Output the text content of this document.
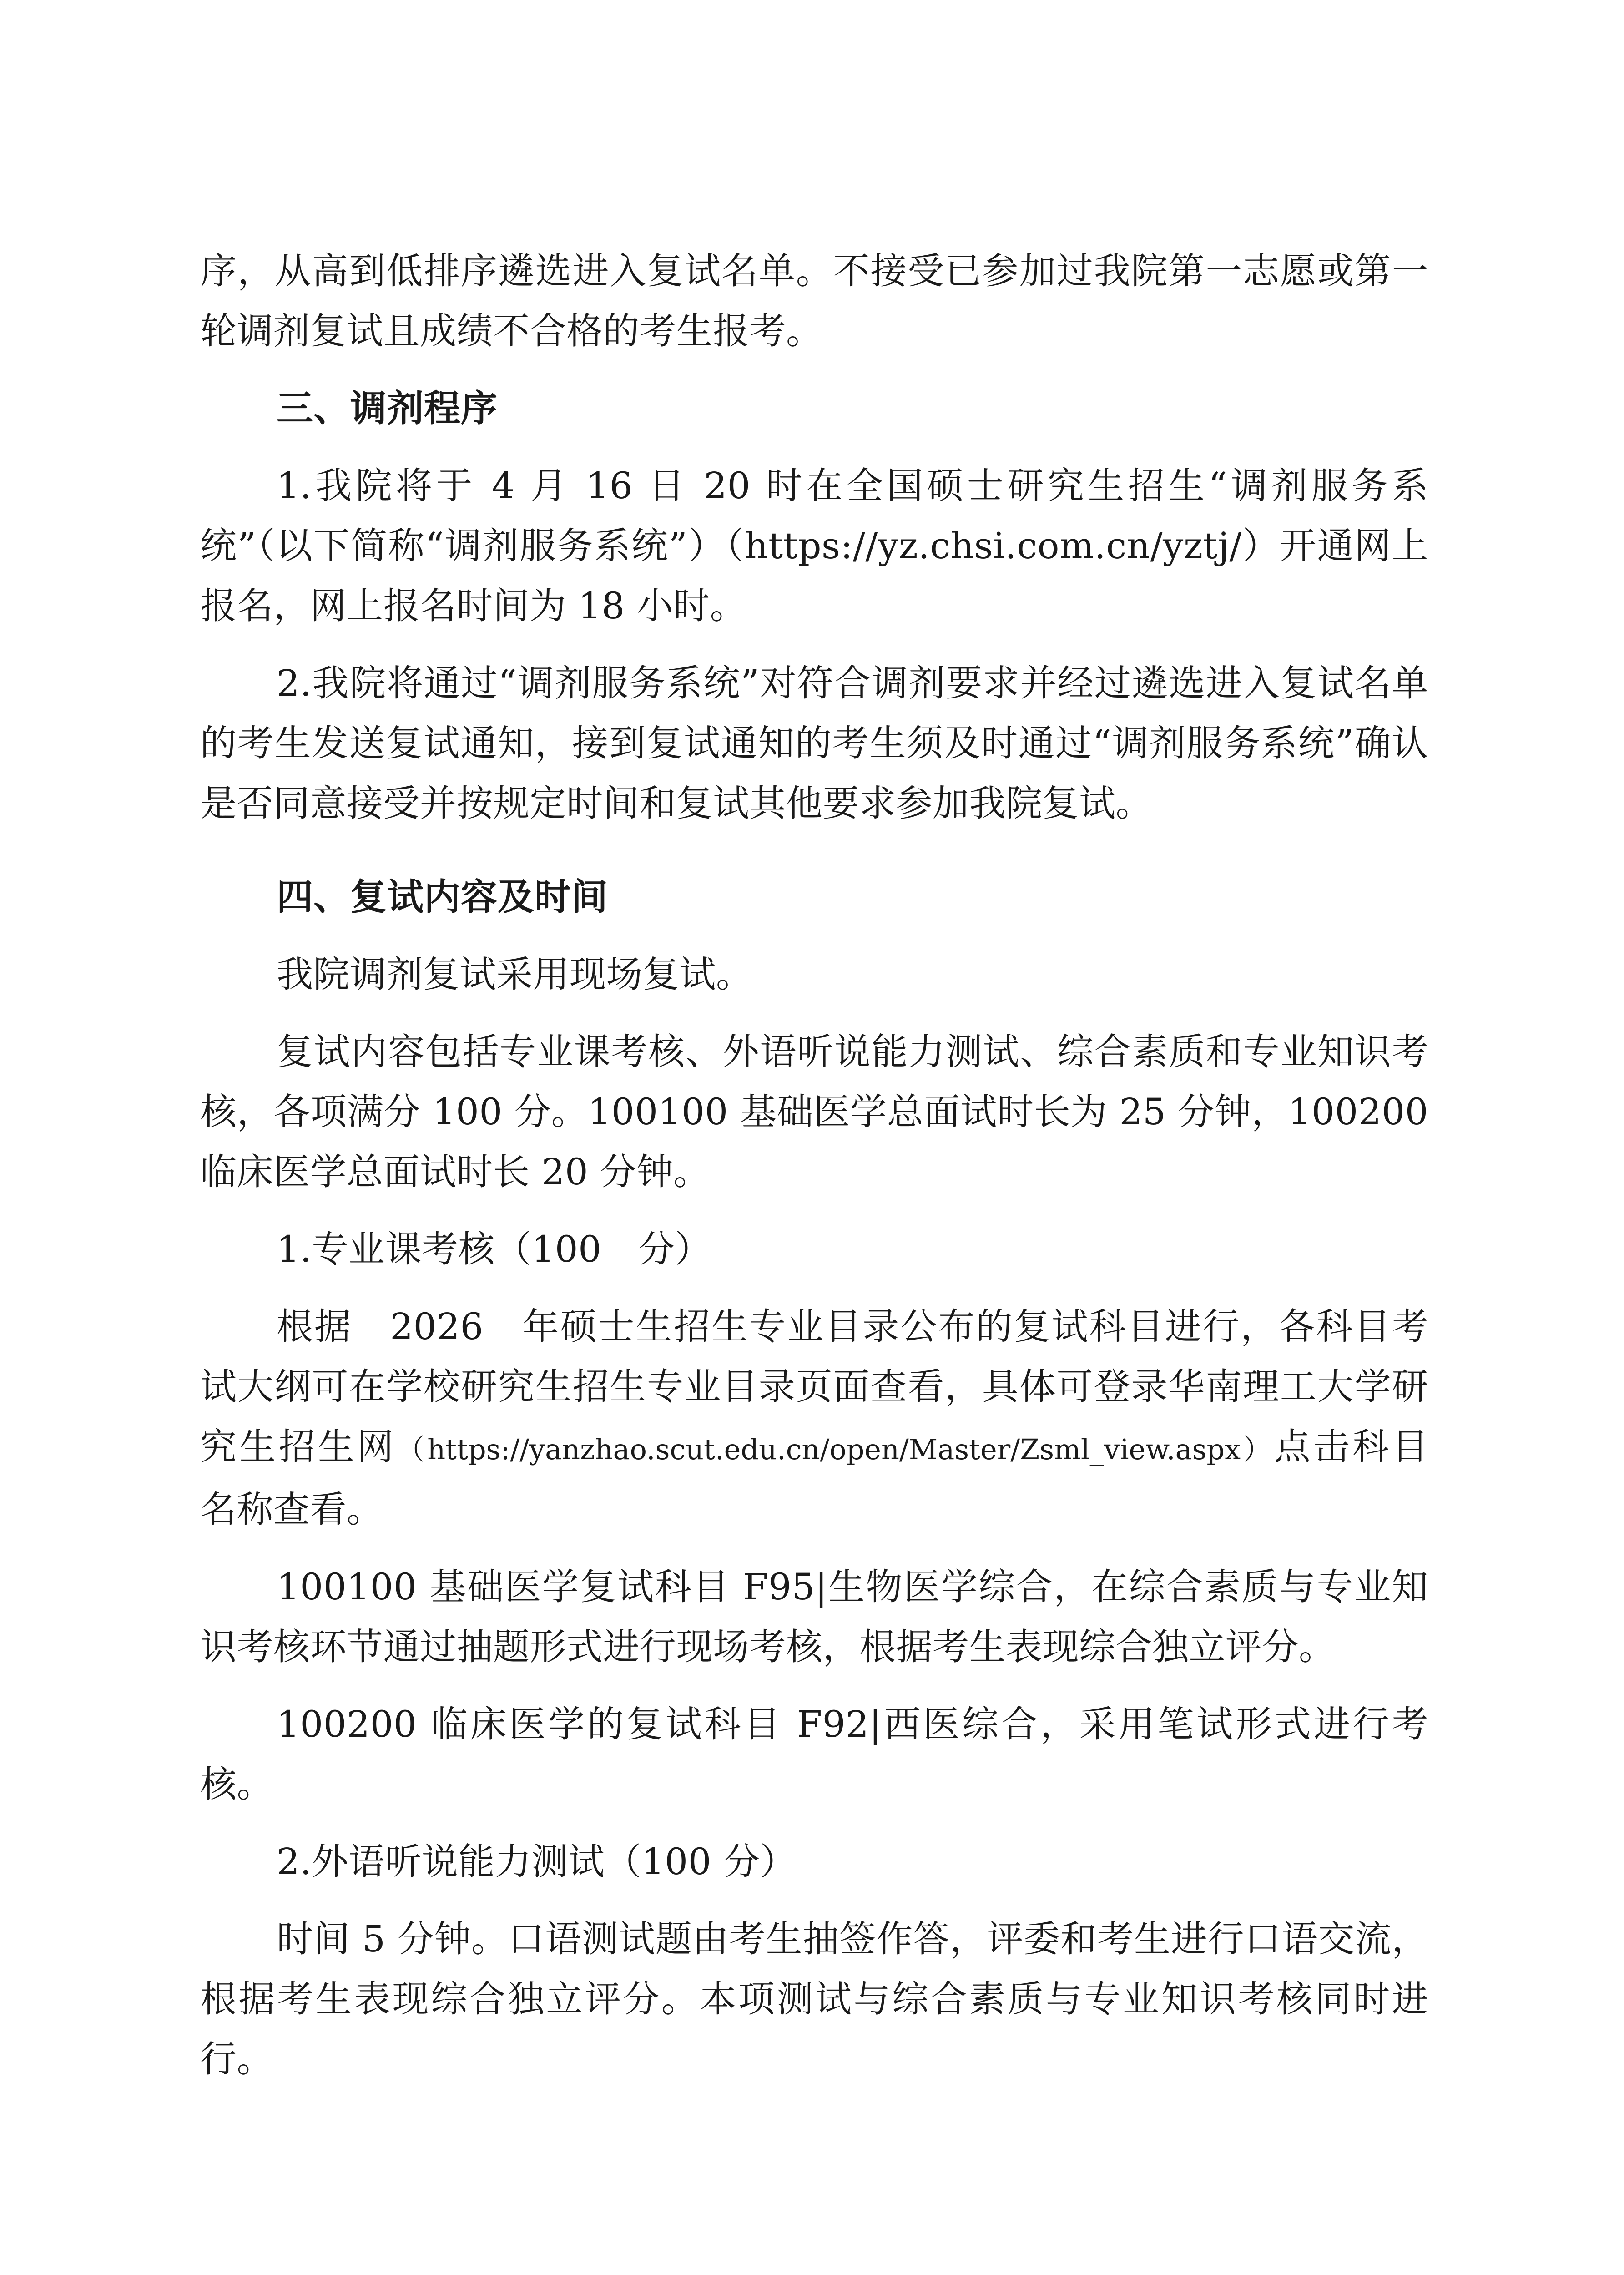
序，从高到低排序遴选进入复试名单。不接受已参加过我院第一志愿或第一轮调剂复试且成绩不合格的考生报考。

三、调剂程序

1.我院将于 4 月 16 日 20 时在全国硕士研究生招生“调剂服务系统”（以下简称“调剂服务系统”）（https://yz.chsi.com.cn/yztj/）开通网上报名，网上报名时间为 18 小时。

2.我院将通过“调剂服务系统”对符合调剂要求并经过遴选进入复试名单的考生发送复试通知，接到复试通知的考生须及时通过“调剂服务系统”确认是否同意接受并按规定时间和复试其他要求参加我院复试。

四、复试内容及时间

我院调剂复试采用现场复试。

复试内容包括专业课考核、外语听说能力测试、综合素质和专业知识考核，各项满分 100 分。100100 基础医学总面试时长为 25 分钟，100200 临床医学总面试时长 20 分钟。

1.专业课考核（100　分）

根据　2026　年硕士生招生专业目录公布的复试科目进行，各科目考试大纲可在学校研究生招生专业目录页面查看，具体可登录华南理工大学研究生招生网（https://yanzhao.scut.edu.cn/open/Master/Zsml_view.aspx）点击科目名称查看。

100100 基础医学复试科目 F95|生物医学综合，在综合素质与专业知识考核环节通过抽题形式进行现场考核，根据考生表现综合独立评分。

100200 临床医学的复试科目 F92|西医综合，采用笔试形式进行考核。

2.外语听说能力测试（100 分）

时间 5 分钟。口语测试题由考生抽签作答，评委和考生进行口语交流，根据考生表现综合独立评分。本项测试与综合素质与专业知识考核同时进行。
